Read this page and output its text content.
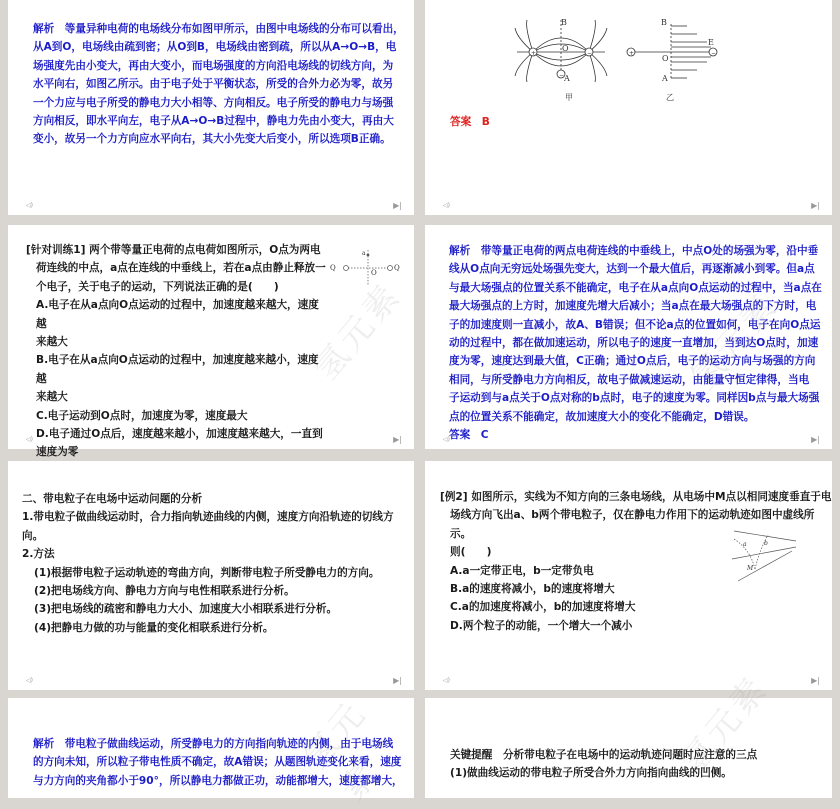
解析　等量异种电荷的电场线分布如图甲所示，由图中电场线的分布可以看出，

从A到O，电场线由疏到密；从O到B，电场线由密到疏，所以从A→O→B，电

场强度先由小变大，再由大变小，而电场强度的方向沿电场线的切线方向，为

水平向右，如图乙所示。由于电子处于平衡状态，所受的合外力必为零，故另

一个力应与电子所受的静电力大小相等、方向相反。电子所受的静电力与场强

方向相反，即水平向左，电子从A→O→B过程中，静电力先由小变大，再由大

变小，故另一个力方向应水平向右，其大小先变大后变小，所以选项B正确。

◁)	▶|
+	−
−
B
O
A
甲
+	−
B
O
A
E
乙
答案　B
◁)	▶|
氢元素

[针对训练1] 两个带等量正电荷的点电荷如图所示，O点为两电

荷连线的中点，a点在连线的中垂线上，若在a点由静止释放一

个电子，关于电子的运动，下列说法正确的是(　　)

A.电子在从a点向O点运动的过程中，加速度越来越大，速度越

来越大

B.电子在从a点向O点运动的过程中，加速度越来越小，速度越

来越大

C.电子运动到O点时，加速度为零，速度最大

D.电子通过O点后，速度越来越小，加速度越来越大，一直到

速度为零

Q	Q
a
O
◁)	▶|

解析　带等量正电荷的两点电荷连线的中垂线上，中点O处的场强为零，沿中垂

线从O点向无穷远处场强先变大，达到一个最大值后，再逐渐减小到零。但a点

与最大场强点的位置关系不能确定，电子在从a点向O点运动的过程中，当a点在

最大场强点的上方时，加速度先增大后减小；当a点在最大场强点的下方时，电

子的加速度则一直减小，故A、B错误；但不论a点的位置如何，电子在向O点运

动的过程中，都在做加速运动，所以电子的速度一直增加，当到达O点时，加速

度为零，速度达到最大值，C正确；通过O点后，电子的运动方向与场强的方向

相同，与所受静电力方向相反，故电子做减速运动，由能量守恒定律得，当电

子运动到与a点关于O点对称的b点时，电子的速度为零。同样因b点与最大场强

点的位置关系不能确定，故加速度大小的变化不能确定，D错误。

答案　C

氢元素
◁)	▶|

二、带电粒子在电场中运动问题的分析

1.带电粒子做曲线运动时，合力指向轨迹曲线的内侧，速度方向沿轨迹的切线方向。

2.方法

(1)根据带电粒子运动轨迹的弯曲方向，判断带电粒子所受静电力的方向。

(2)把电场线方向、静电力方向与电性相联系进行分析。

(3)把电场线的疏密和静电力大小、加速度大小相联系进行分析。

(4)把静电力做的功与能量的变化相联系进行分析。

◁)	▶|

[例2] 如图所示，实线为不知方向的三条电场线，从电场中M点以相同速度垂直于电

场线方向飞出a、b两个带电粒子，仅在静电力作用下的运动轨迹如图中虚线所示。

则(　　)

A.a一定带正电，b一定带负电

B.a的速度将减小，b的速度将增大

C.a的加速度将减小，b的加速度将增大

D.两个粒子的动能，一个增大一个减小

a	b
M
◁)	▶|
氢元素

解析　带电粒子做曲线运动，所受静电力的方向指向轨迹的内侧，由于电场线

的方向未知，所以粒子带电性质不确定，故A错误；从题图轨迹变化来看，速度

与力方向的夹角都小于90°，所以静电力都做正功，动能都增大，速度都增大，	氢元素

关键提醒　分析带电粒子在电场中的运动轨迹问题时应注意的三点

(1)做曲线运动的带电粒子所受合外力方向指向曲线的凹侧。
